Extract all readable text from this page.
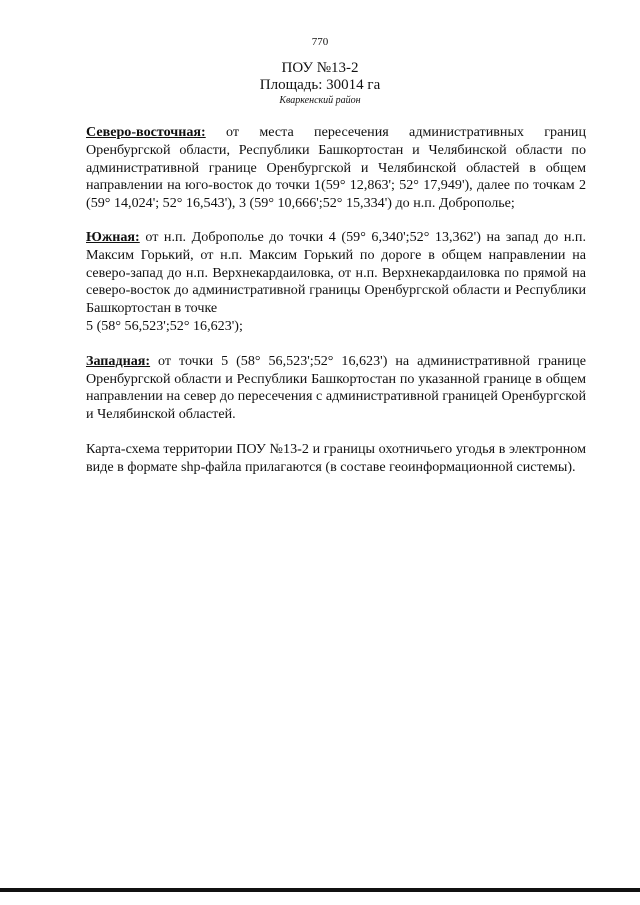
770
ПОУ №13-2
Площадь: 30014 га
Кваркенский район

Северо-восточная: от места пересечения административных границ Оренбургской области, Республики Башкортостан и Челябинской области по административной границе Оренбургской и Челябинской областей в общем направлении на юго-восток до точки 1(59° 12,863'; 52° 17,949'), далее по точкам 2 (59° 14,024'; 52° 16,543'), 3 (59° 10,666';52° 15,334') до н.п. Доброполье;

Южная: от н.п. Доброполье до точки 4 (59° 6,340';52° 13,362') на запад до н.п. Максим Горький, от н.п. Максим Горький по дороге в общем направлении на северо-запад до н.п. Верхнекардаиловка, от н.п. Верхнекардаиловка по прямой на северо-восток до административной границы Оренбургской области и Республики Башкортостан в точке
5 (58° 56,523';52° 16,623');

Западная: от точки 5 (58° 56,523';52° 16,623') на административной границе Оренбургской области и Республики Башкортостан по указанной границе в общем направлении на север до пересечения с административной границей Оренбургской и Челябинской областей.

Карта-схема территории ПОУ №13-2 и границы охотничьего угодья в электронном виде в формате shp-файла прилагаются (в составе геоинформационной системы).
